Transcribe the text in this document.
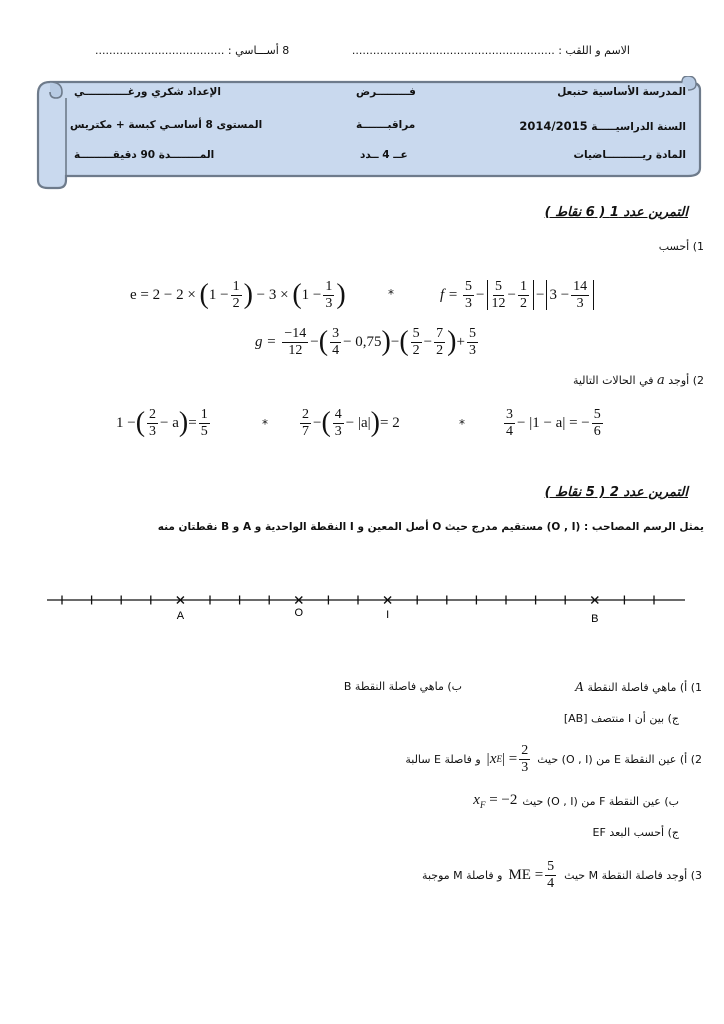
الاسم و اللقب : ..........................................................
8 أســـاسي : .....................................
المدرسة الأساسية حنبعل
فـــــــــرض
الإعداد شكري ورغــــــــــــي
السنة الدراسيـــــة 2014/2015
مراقبـــــــة
المستوى 8 أساسـي كبسة + مكتريس
المادة ريــــــــــاضيات
عــ 4 ــدد
المــــــــدة 90 دقيقـــــــــة
التمرين عدد 1 ( 6 نقاط )
1) أحسب
e = 2 − 2 × ( $1 - \frac{1}{2}$ ) − 3 × ( $1 - \frac{1}{3}$ )	*	$f = \frac{5}{3} - \frac{5}{12} - \frac{1}{2} - 3 - \frac{14}{3}$
$g = \frac{-14}{12}$ − ( $\frac{3}{4} - 0,75$ ) − ( $\frac{5}{2} - \frac{7}{2}$ ) + $\frac{5}{3}$
2) أوجد a في الحالات التالية
1 − ( $\frac{2}{3} - a$ ) = $\frac{1}{5}$	* $\frac{2}{7}$ − ( $\frac{4}{3} - |a|$ ) = 2	*	$\frac{3}{4} - |1 - a|$ = − $\frac{5}{6}$
التمرين عدد 2 ( 5 نقاط )
يمثل الرسم المصاحب : (O , I) مستقيم مدرج حيث O أصل المعين و I النقطة الواحدية و A و B نقطتان منه
A	O	I	B
1) أ) ماهي فاصلة النقطة A
ب) ماهي فاصلة النقطة B
ج) بين أن I منتصف [AB]
2) أ) عين النقطة E من (O , I) حيث
|x E | = $\frac{2}{3}$
و فاصلة E سالبة
ب) عين النقطة F من (O , I) حيث
$x_F = -2$
ج) أحسب البعد EF
3) أوجد فاصلة النقطة M حيث
ME = $\frac{5}{4}$
و فاصلة M موجبة
